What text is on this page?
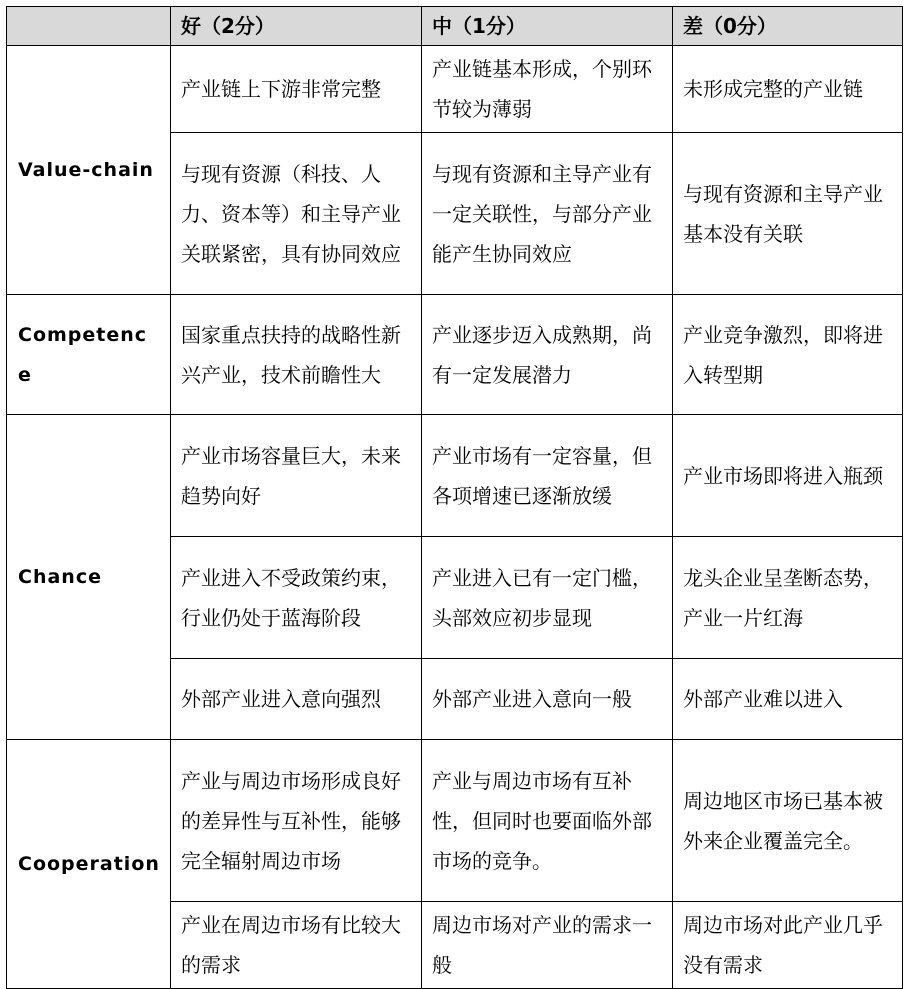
	好（2分）	中（1分）	差（0分）
Value-chain	产业链上下游非常完整	产业链基本形成，个别环节较为薄弱	未形成完整的产业链
	与现有资源（科技、人力、资本等）和主导产业关联紧密，具有协同效应	与现有资源和主导产业有一定关联性，与部分产业能产生协同效应	与现有资源和主导产业基本没有关联
Competence	国家重点扶持的战略性新兴产业，技术前瞻性大	产业逐步迈入成熟期，尚有一定发展潜力	产业竞争激烈，即将进入转型期
Chance	产业市场容量巨大，未来趋势向好	产业市场有一定容量，但各项增速已逐渐放缓	产业市场即将进入瓶颈
	产业进入不受政策约束，行业仍处于蓝海阶段	产业进入已有一定门槛，头部效应初步显现	龙头企业呈垄断态势，产业一片红海
	外部产业进入意向强烈	外部产业进入意向一般	外部产业难以进入
Cooperation	产业与周边市场形成良好的差异性与互补性，能够完全辐射周边市场	产业与周边市场有互补性，但同时也要面临外部市场的竞争。	周边地区市场已基本被外来企业覆盖完全。
	产业在周边市场有比较大的需求	周边市场对产业的需求一般	周边市场对此产业几乎没有需求
